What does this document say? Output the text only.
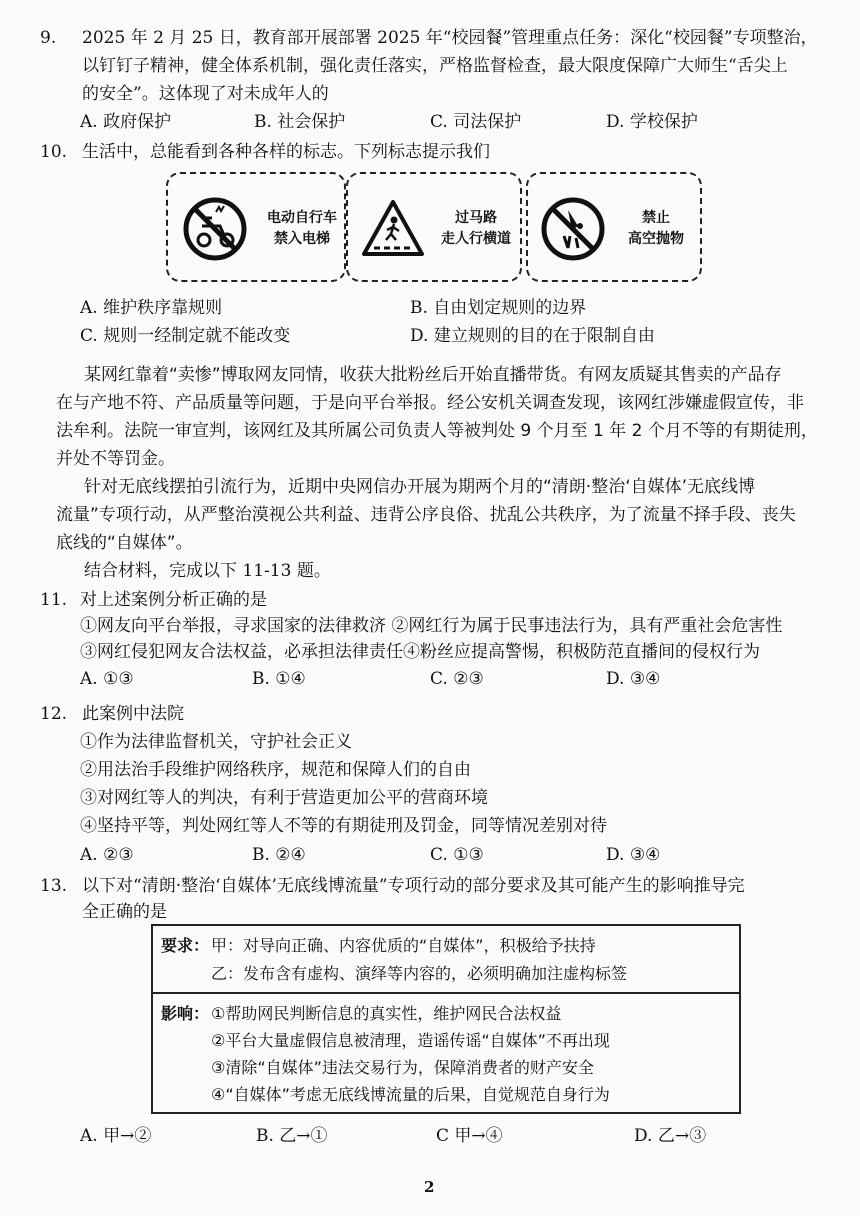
9. 2025 年 2 月 25 日，教育部开展部署 2025 年“校园餐”管理重点任务：深化“校园餐”专项整治，
以钉钉子精神，健全体系机制，强化责任落实，严格监督检查，最大限度保障广大师生“舌尖上
的安全”。这体现了对未成年人的
A. 政府保护	B. 社会保护	C. 司法保护	D. 学校保护
10. 生活中，总能看到各种各样的标志。下列标志提示我们
电动自行车
禁入电梯
过马路
走人行横道
禁止
高空抛物
A. 维护秩序靠规则	B. 自由划定规则的边界
C. 规则一经制定就不能改变	D. 建立规则的目的在于限制自由
某网红靠着“卖惨”博取网友同情，收获大批粉丝后开始直播带货。有网友质疑其售卖的产品存
在与产地不符、产品质量等问题，于是向平台举报。经公安机关调查发现，该网红涉嫌虚假宣传，非
法牟利。法院一审宣判，该网红及其所属公司负责人等被判处 9 个月至 1 年 2 个月不等的有期徒刑，
并处不等罚金。
针对无底线摆拍引流行为，近期中央网信办开展为期两个月的“清朗·整治‘自媒体’无底线博
流量”专项行动，从严整治漠视公共利益、违背公序良俗、扰乱公共秩序，为了流量不择手段、丧失
底线的“自媒体”。
结合材料，完成以下 11-13 题。
11. 对上述案例分析正确的是
①网友向平台举报，寻求国家的法律救济 ②网红行为属于民事违法行为，具有严重社会危害性
③网红侵犯网友合法权益，必承担法律责任④粉丝应提高警惕，积极防范直播间的侵权行为
A. ①③	B. ①④	C. ②③	D. ③④
12. 此案例中法院
①作为法律监督机关，守护社会正义
②用法治手段维护网络秩序，规范和保障人们的自由
③对网红等人的判决，有利于营造更加公平的营商环境
④坚持平等，判处网红等人不等的有期徒刑及罚金，同等情况差别对待
A. ②③	B. ②④	C. ①③	D. ③④
13. 以下对“清朗·整治‘自媒体’无底线博流量”专项行动的部分要求及其可能产生的影响推导完
全正确的是
要求： 甲：对导向正确、内容优质的“自媒体”，积极给予扶持
乙：发布含有虚构、演绎等内容的，必须明确加注虚构标签
影响： ①帮助网民判断信息的真实性，维护网民合法权益
②平台大量虚假信息被清理，造谣传谣“自媒体”不再出现
③清除“自媒体”违法交易行为，保障消费者的财产安全
④“自媒体”考虑无底线博流量的后果，自觉规范自身行为
A. 甲→②	B. 乙→①	C 甲→④	D. 乙→③
2
